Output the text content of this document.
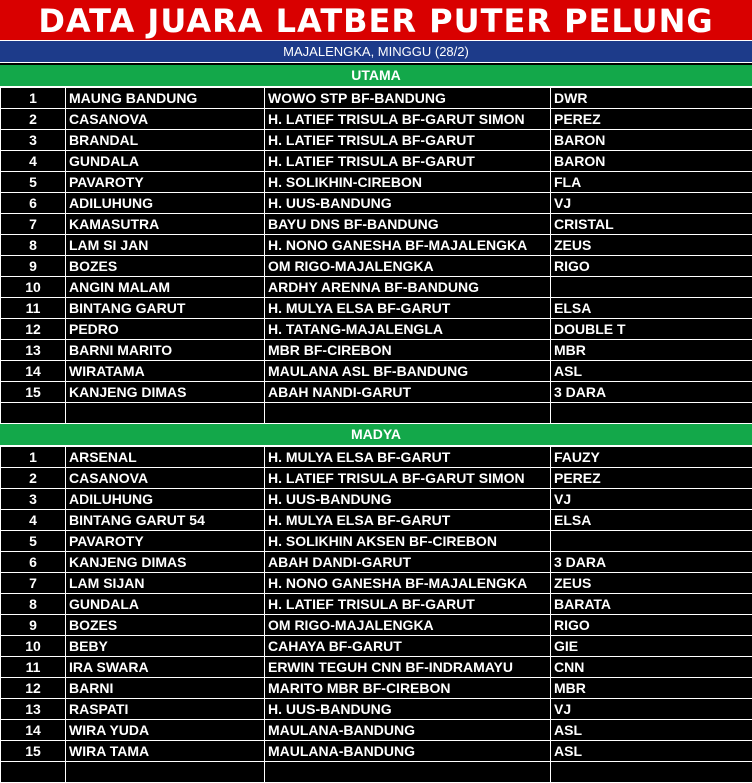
DATA JUARA LATBER PUTER PELUNG
MAJALENGKA, MINGGU (28/2)
UTAMA
1	MAUNG BANDUNG	WOWO STP BF-BANDUNG	DWR
2	CASANOVA	H. LATIEF TRISULA BF-GARUT SIMON	PEREZ
3	BRANDAL	H. LATIEF TRISULA BF-GARUT	BARON
4	GUNDALA	H. LATIEF TRISULA BF-GARUT	BARON
5	PAVAROTY	H. SOLIKHIN-CIREBON	FLA
6	ADILUHUNG	H. UUS-BANDUNG	VJ
7	KAMASUTRA	BAYU DNS BF-BANDUNG	CRISTAL
8	LAM SI JAN	H. NONO GANESHA BF-MAJALENGKA	ZEUS
9	BOZES	OM RIGO-MAJALENGKA	RIGO
10	ANGIN MALAM	ARDHY ARENNA BF-BANDUNG	
11	BINTANG GARUT	H. MULYA ELSA BF-GARUT	ELSA
12	PEDRO	H. TATANG-MAJALENGLA	DOUBLE T
13	BARNI MARITO	MBR BF-CIREBON	MBR
14	WIRATAMA	MAULANA ASL BF-BANDUNG	ASL
15	KANJENG DIMAS	ABAH NANDI-GARUT	3 DARA

MADYA
1	ARSENAL	H. MULYA ELSA BF-GARUT	FAUZY
2	CASANOVA	H. LATIEF TRISULA BF-GARUT SIMON	PEREZ
3	ADILUHUNG	H. UUS-BANDUNG	VJ
4	BINTANG GARUT 54	H. MULYA ELSA BF-GARUT	ELSA
5	PAVAROTY	H. SOLIKHIN AKSEN BF-CIREBON	
6	KANJENG DIMAS	ABAH DANDI-GARUT	3 DARA
7	LAM SIJAN	H. NONO GANESHA BF-MAJALENGKA	ZEUS
8	GUNDALA	H. LATIEF TRISULA BF-GARUT	BARATA
9	BOZES	OM RIGO-MAJALENGKA	RIGO
10	BEBY	CAHAYA BF-GARUT	GIE
11	IRA SWARA	ERWIN TEGUH CNN BF-INDRAMAYU	CNN
12	BARNI	MARITO MBR BF-CIREBON	MBR
13	RASPATI	H. UUS-BANDUNG	VJ
14	WIRA YUDA	MAULANA-BANDUNG	ASL
15	WIRA TAMA	MAULANA-BANDUNG	ASL
